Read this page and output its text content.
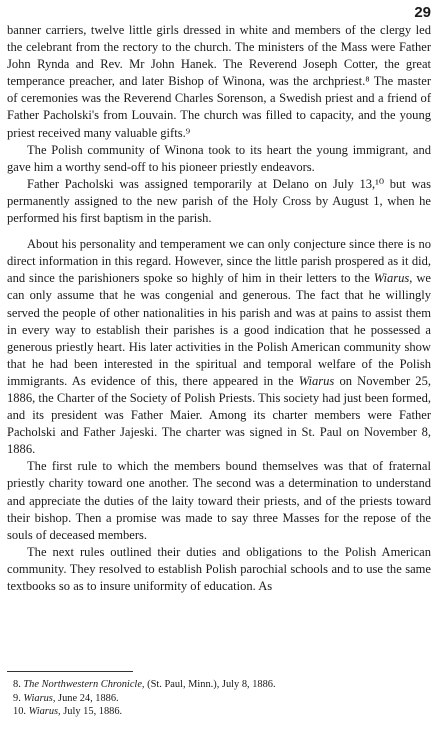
29

banner carriers, twelve little girls dressed in white and members of the clergy led the celebrant from the rectory to the church. The ministers of the Mass were Father John Rynda and Rev. Mr John Hanek. The Reverend Joseph Cotter, the great temperance preacher, and later Bishop of Winona, was the archpriest.⁸ The master of ceremonies was the Reverend Charles Sorenson, a Swedish priest and a friend of Father Pacholski's from Louvain. The church was filled to capacity, and the young priest received many valuable gifts.⁹

The Polish community of Winona took to its heart the young immigrant, and gave him a worthy send-off to his pioneer priestly endeavors.

Father Pacholski was assigned temporarily at Delano on July 13,¹⁰ but was permanently assigned to the new parish of the Holy Cross by August 1, when he performed his first baptism in the parish.

About his personality and temperament we can only conjecture since there is no direct information in this regard. However, since the little parish prospered as it did, and since the parishioners spoke so highly of him in their letters to the Wiarus, we can only assume that he was congenial and generous. The fact that he willingly served the people of other nationalities in his parish and was at pains to assist them in every way to establish their parishes is a good indication that he possessed a generous priestly heart. His later activities in the Polish American community show that he had been interested in the spiritual and temporal welfare of the Polish immigrants. As evidence of this, there appeared in the Wiarus on November 25, 1886, the Charter of the Society of Polish Priests. This society had just been formed, and its president was Father Maier. Among its charter members were Father Pacholski and Father Jajeski. The charter was signed in St. Paul on November 8, 1886.

The first rule to which the members bound themselves was that of fraternal priestly charity toward one another. The second was a determination to understand and appreciate the duties of the laity toward their priests, and of the priests toward their bishop. Then a promise was made to say three Masses for the repose of the souls of deceased members.

The next rules outlined their duties and obligations to the Polish American community. They resolved to establish Polish parochial schools and to use the same textbooks so as to insure uniformity of education. As

8. The Northwestern Chronicle, (St. Paul, Minn.), July 8, 1886.

9. Wiarus, June 24, 1886.

10. Wiarus, July 15, 1886.
